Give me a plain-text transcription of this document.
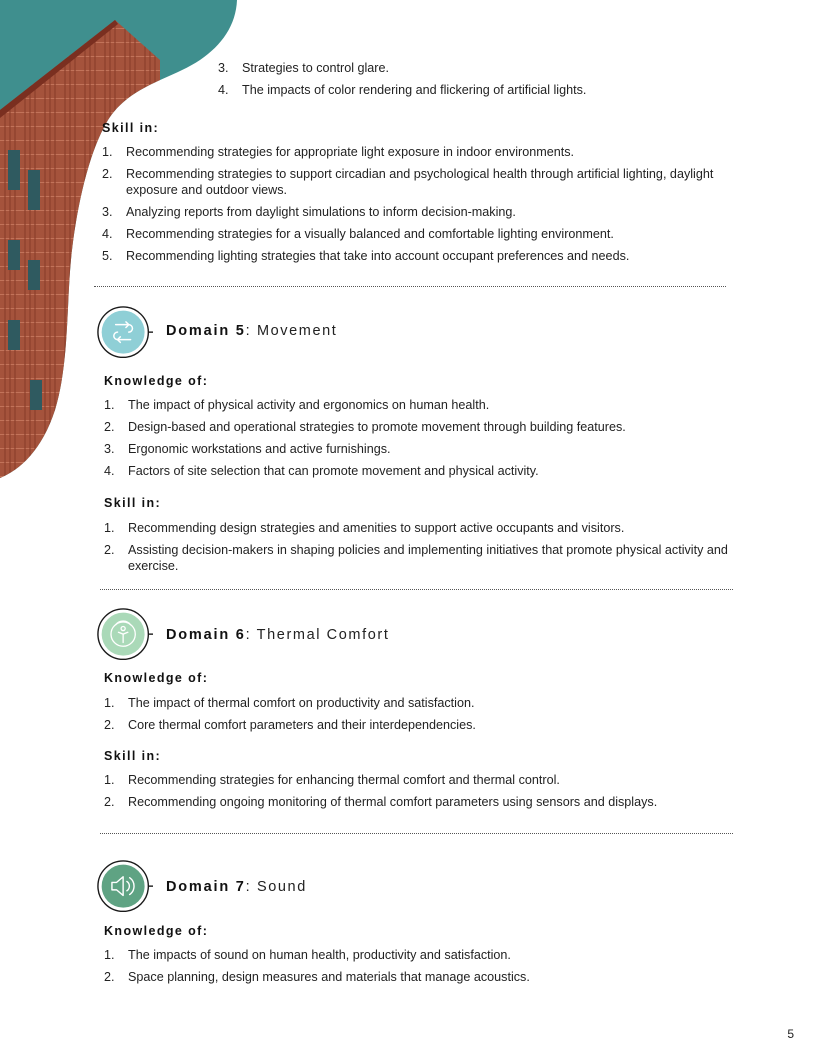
3. Strategies to control glare.
4. The impacts of color rendering and flickering of artificial lights.
Skill in:
1. Recommending strategies for appropriate light exposure in indoor environments.
2. Recommending strategies to support circadian and psychological health through artificial lighting, daylight exposure and outdoor views.
3. Analyzing reports from daylight simulations to inform decision-making.
4. Recommending strategies for a visually balanced and comfortable lighting environment.
5. Recommending lighting strategies that take into account occupant preferences and needs.
Domain 5: Movement
Knowledge of:
1. The impact of physical activity and ergonomics on human health.
2. Design-based and operational strategies to promote movement through building features.
3. Ergonomic workstations and active furnishings.
4. Factors of site selection that can promote movement and physical activity.
Skill in:
1. Recommending design strategies and amenities to support active occupants and visitors.
2. Assisting decision-makers in shaping policies and implementing initiatives that promote physical activity and exercise.
Domain 6: Thermal Comfort
Knowledge of:
1. The impact of thermal comfort on productivity and satisfaction.
2. Core thermal comfort parameters and their interdependencies.
Skill in:
1. Recommending strategies for enhancing thermal comfort and thermal control.
2. Recommending ongoing monitoring of thermal comfort parameters using sensors and displays.
Domain 7: Sound
Knowledge of:
1. The impacts of sound on human health, productivity and satisfaction.
2. Space planning, design measures and materials that manage acoustics.
5
